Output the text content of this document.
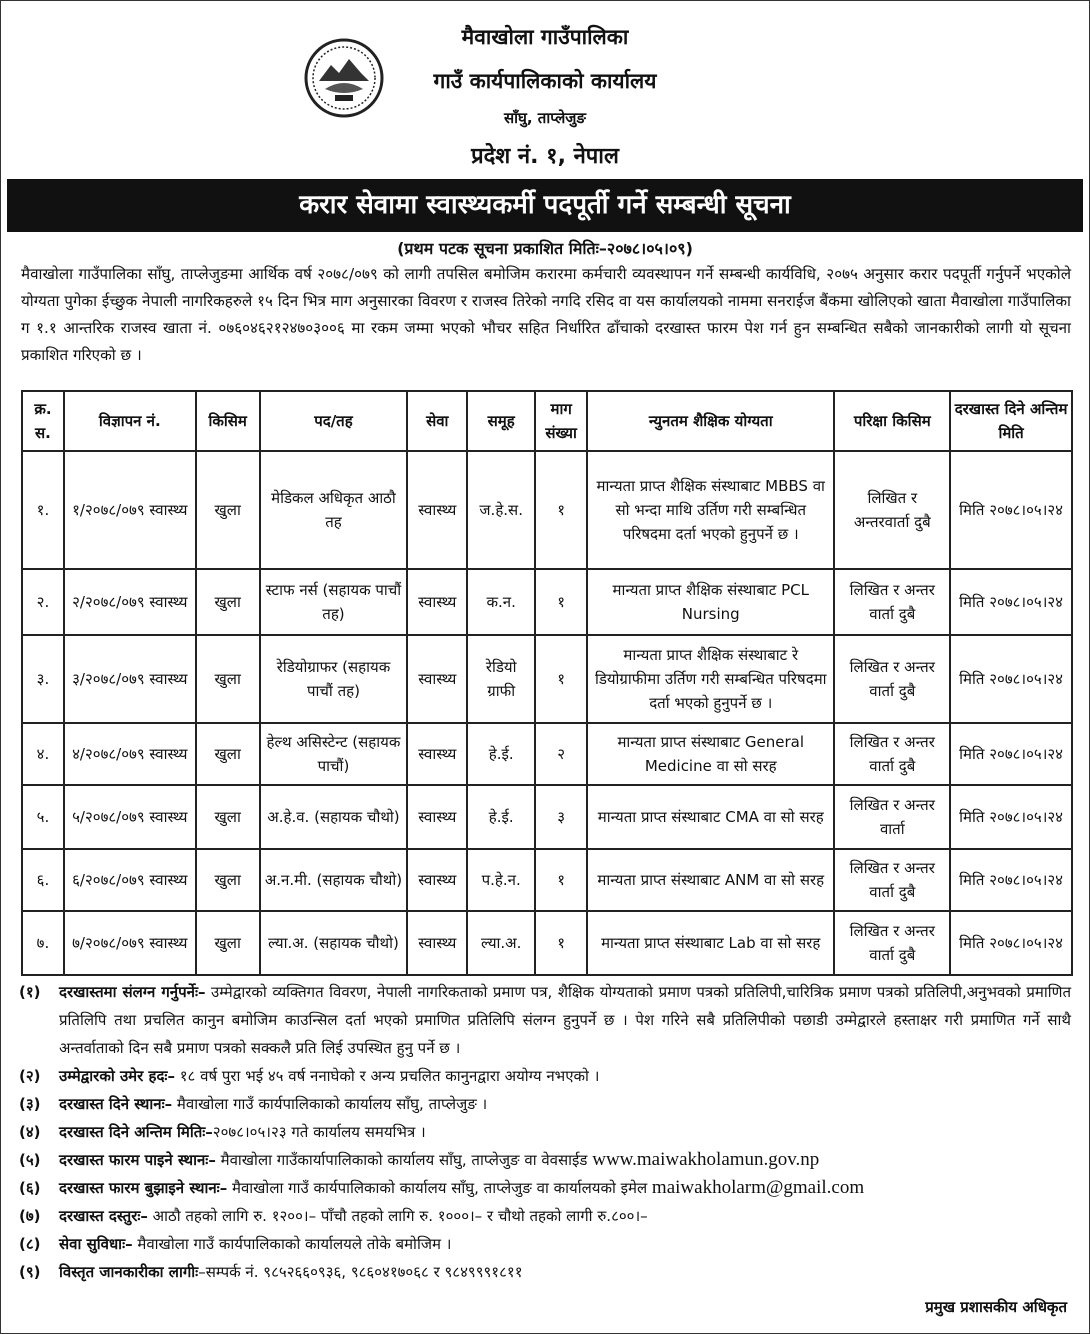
मैवाखोला गाउँपालिका
गाउँ कार्यपालिकाको कार्यालय
साँघु, ताप्लेजुङ
प्रदेश नं. १, नेपाल
करार सेवामा स्वास्थ्यकर्मी पदपूर्ती गर्ने सम्बन्धी सूचना
(प्रथम पटक सूचना प्रकाशित मितिः–२०७८।०५।०९)
मैवाखोला गाउँपालिका साँघु, ताप्लेजुङमा आर्थिक वर्ष २०७८/०७९ को लागी तपसिल बमोजिम करारमा कर्मचारी व्यवस्थापन गर्ने सम्बन्धी कार्यविधि, २०७५ अनुसार करार पदपूर्ती गर्नुपर्ने भएकोले योग्यता पुगेका ईच्छुक नेपाली नागरिकहरुले १५ दिन भित्र माग अनुसारका विवरण र राजस्व तिरेको नगदि रसिद वा यस कार्यालयको नाममा सनराईज बैंकमा खोलिएको खाता मैवाखोला गाउँपालिका ग १.१ आन्तरिक राजस्व खाता नं. ०७६०४६२१२४७०३००६ मा रकम जम्मा भएको भौचर सहित निर्धारित ढाँचाको दरखास्त फारम पेश गर्न हुन सम्बन्धित सबैको जानकारीको लागी यो सूचना प्रकाशित गरिएको छ ।
क्र. स.	विज्ञापन नं.	किसिम	पद/तह	सेवा	समूह	माग संख्या	न्युनतम शैक्षिक योग्यता	परिक्षा किसिम	दरखास्त दिने अन्तिम मिति
१.	१/२०७८/०७९ स्वास्थ्य	खुला	मेडिकल अधिकृत आठौ तह	स्वास्थ्य	ज.हे.स.	१	मान्यता प्राप्त शैक्षिक संस्थाबाट MBBS वा सो भन्दा माथि उर्तिण गरी सम्बन्धित परिषदमा दर्ता भएको हुनुपर्ने छ ।	लिखित र अन्तरवार्ता दुबै	मिति २०७८।०५।२४
२.	२/२०७८/०७९ स्वास्थ्य	खुला	स्टाफ नर्स (सहायक पाचौं तह)	स्वास्थ्य	क.न.	१	मान्यता प्राप्त शैक्षिक संस्थाबाट PCL Nursing	लिखित र अन्तर वार्ता दुबै	मिति २०७८।०५।२४
३.	३/२०७८/०७९ स्वास्थ्य	खुला	रेडियोग्राफर (सहायक पाचौं तह)	स्वास्थ्य	रेडियो ग्राफी	१	मान्यता प्राप्त शैक्षिक संस्थाबाट रे डियोग्राफीमा उर्तिण गरी सम्बन्धित परिषदमा दर्ता भएको हुनुपर्ने छ ।	लिखित र अन्तर वार्ता दुबै	मिति २०७८।०५।२४
४.	४/२०७८/०७९ स्वास्थ्य	खुला	हेल्थ असिस्टेन्ट (सहायक पाचौं)	स्वास्थ्य	हे.ई.	२	मान्यता प्राप्त संस्थाबाट General Medicine वा सो सरह	लिखित र अन्तर वार्ता दुबै	मिति २०७८।०५।२४
५.	५/२०७८/०७९ स्वास्थ्य	खुला	अ.हे.व. (सहायक चौथो)	स्वास्थ्य	हे.ई.	३	मान्यता प्राप्त संस्थाबाट CMA वा सो सरह	लिखित र अन्तर वार्ता	मिति २०७८।०५।२४
६.	६/२०७८/०७९ स्वास्थ्य	खुला	अ.न.मी. (सहायक चौथो)	स्वास्थ्य	प.हे.न.	१	मान्यता प्राप्त संस्थाबाट ANM वा सो सरह	लिखित र अन्तर वार्ता दुबै	मिति २०७८।०५।२४
७.	७/२०७८/०७९ स्वास्थ्य	खुला	ल्या.अ. (सहायक चौथो)	स्वास्थ्य	ल्या.अ.	१	मान्यता प्राप्त संस्थाबाट Lab वा सो सरह	लिखित र अन्तर वार्ता दुबै	मिति २०७८।०५।२४
(१) दरखास्तमा संलग्न गर्नुपर्नेः– उम्मेद्वारको व्यक्तिगत विवरण, नेपाली नागरिकताको प्रमाण पत्र, शैक्षिक योग्यताको प्रमाण पत्रको प्रतिलिपी,चारित्रिक प्रमाण पत्रको प्रतिलिपी,अनुभवको प्रमाणित प्रतिलिपि तथा प्रचलित कानुन बमोजिम काउन्सिल दर्ता भएको प्रमाणित प्रतिलिपि संलग्न हुनुपर्ने छ । पेश गरिने सबै प्रतिलिपीको पछाडी उम्मेद्वारले हस्ताक्षर गरी प्रमाणित गर्ने साथै अन्तर्वाताको दिन सबै प्रमाण पत्रको सक्कलै प्रति लिई उपस्थित हुनु पर्ने छ ।
(२) उम्मेद्वारको उमेर हदः– १८ वर्ष पुरा भई ४५ वर्ष ननाघेको र अन्य प्रचलित कानुनद्वारा अयोग्य नभएको ।
(३) दरखास्त दिने स्थानः– मैवाखोला गाउँ कार्यपालिकाको कार्यालय साँघु, ताप्लेजुङ ।
(४) दरखास्त दिने अन्तिम मितिः–२०७८।०५।२३ गते कार्यालय समयभित्र ।
(५) दरखास्त फारम पाइने स्थानः– मैवाखोला गाउँकार्यापालिकाको कार्यालय साँघु, ताप्लेजुङ वा वेवसाईड www.maiwakholamun.gov.np
(६) दरखास्त फारम बुझाइने स्थानः– मैवाखोला गाउँ कार्यपालिकाको कार्यालय साँघु, ताप्लेजुङ वा कार्यालयको इमेल maiwakholarm@gmail.com
(७) दरखास्त दस्तुरः– आठौ तहको लागि रु. १२००।– पाँचौ तहको लागि रु. १०००।– र चौथो तहको लागी रु.८००।–
(८) सेवा सुविधाः– मैवाखोला गाउँ कार्यपालिकाको कार्यालयले तोके बमोजिम ।
(९) विस्तृत जानकारीका लागीः–सम्पर्क नं. ९८५२६६०९३६, ९८६०४१७०६८ र ९८४९९९१८११
प्रमुख प्रशासकीय अधिकृत
